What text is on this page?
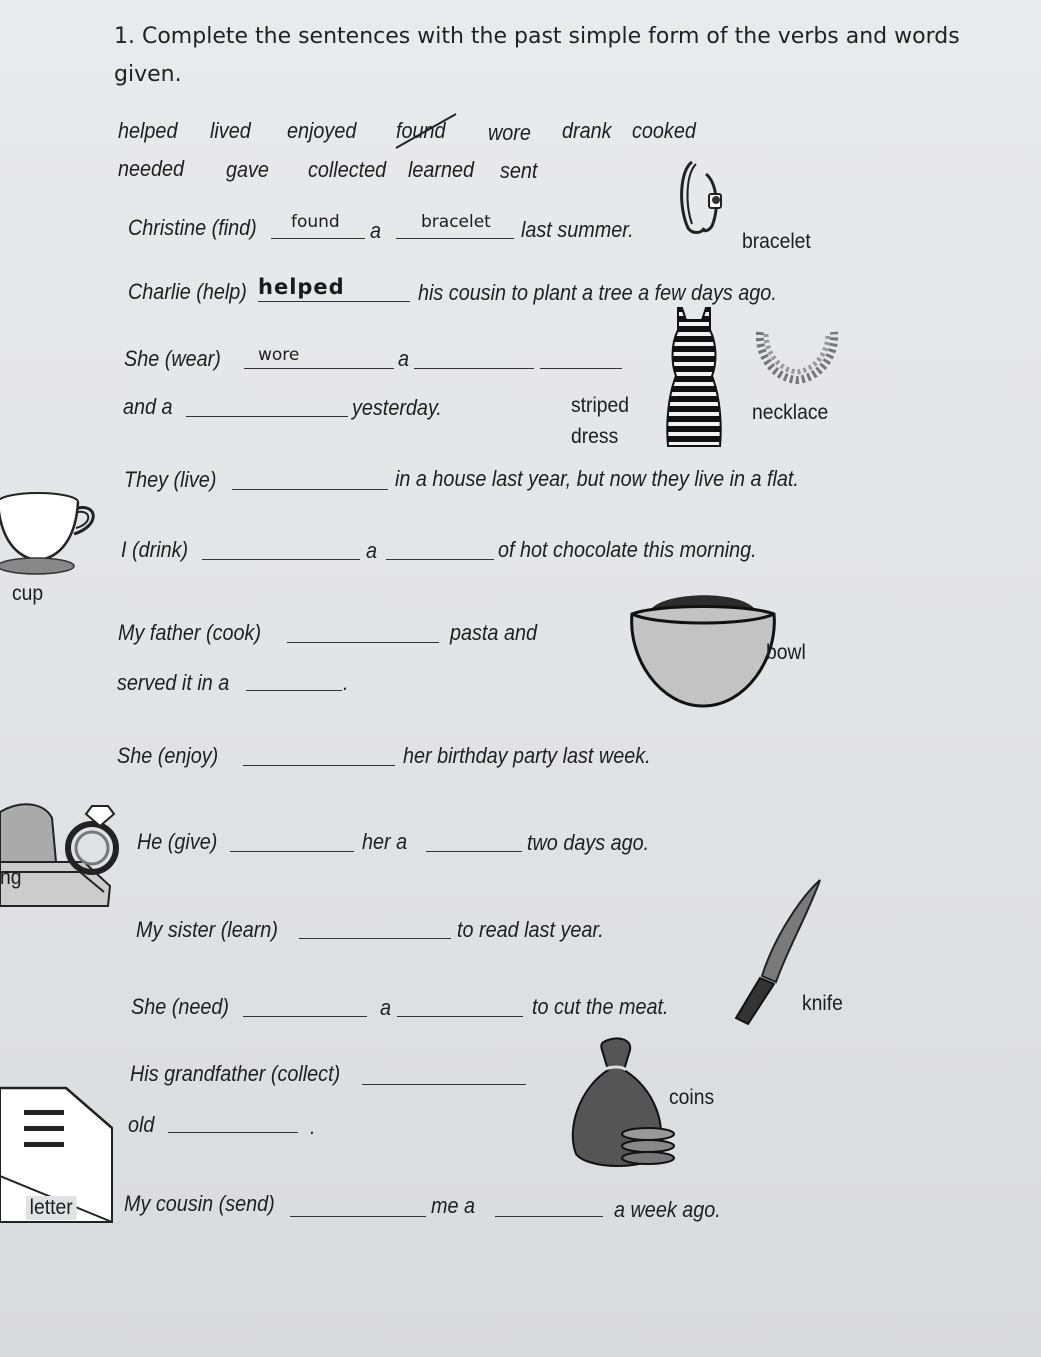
1. Complete the sentences with the past simple form of the verbs and words given.
helped lived enjoyed found wore drank cooked
needed gave collected learned sent
Christine (find) found a bracelet last summer.	bracelet
Charlie (help) helped	his cousin to plant a tree a few days ago.
She (wear) wore	a
and a	yesterday.	striped
dress
necklace
They (live)	in a house last year, but now they live in a flat.
cup
I (drink)	a	of hot chocolate this morning.
My father (cook)	pasta and
served it in a	.
bowl
She (enjoy)	her birthday party last week.
ng
He (give)	her a	two days ago.
My sister (learn)	to read last year.
knife
She (need)	a	to cut the meat.
His grandfather (collect)
old	.
coins
letter My cousin (send)	me a	a week ago.
